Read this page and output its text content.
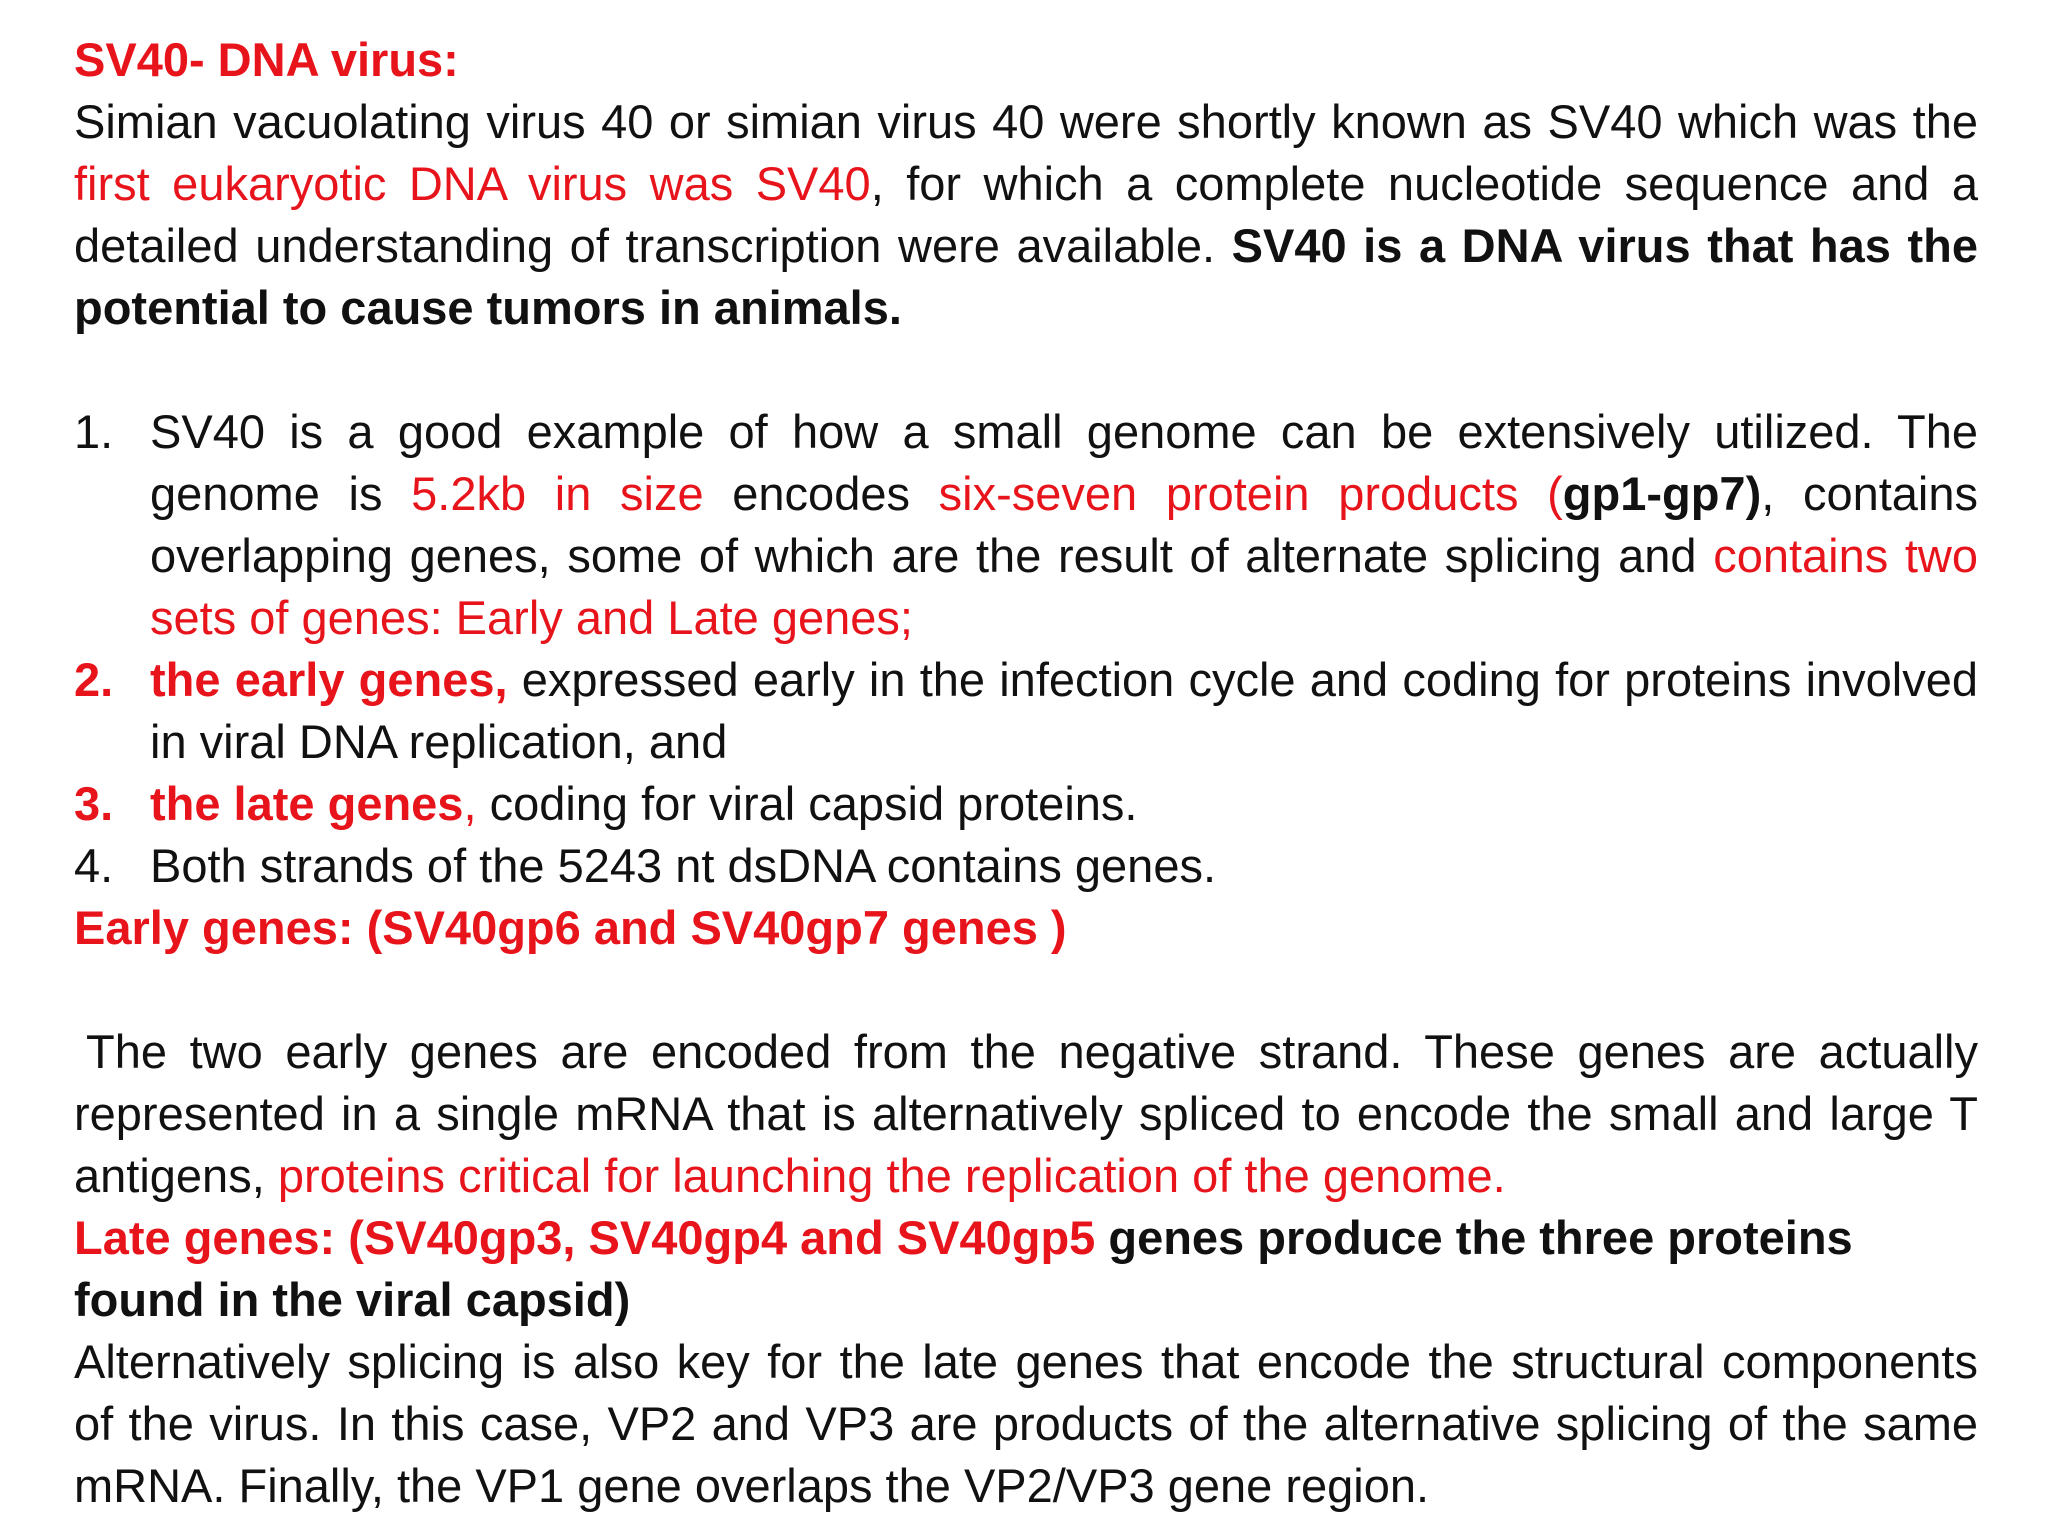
SV40- DNA virus:
Simian vacuolating virus 40 or simian virus 40 were shortly known as SV40 which was the
first eukaryotic DNA virus was SV40, for which a complete nucleotide sequence and a
detailed understanding of transcription were available. SV40 is a DNA virus that has the
potential to cause tumors in animals.
1. SV40 is a good example of how a small genome can be extensively utilized. The
genome is 5.2kb in size encodes six-seven protein products (gp1-gp7), contains
overlapping genes, some of which are the result of alternate splicing and contains two
sets of genes: Early and Late genes;
2. the early genes, expressed early in the infection cycle and coding for proteins involved
in viral DNA replication, and
3. the late genes, coding for viral capsid proteins.
4. Both strands of the 5243 nt dsDNA contains genes.
Early genes: (SV40gp6 and SV40gp7 genes )
The two early genes are encoded from the negative strand. These genes are actually
represented in a single mRNA that is alternatively spliced to encode the small and large T
antigens, proteins critical for launching the replication of the genome.
Late genes: (SV40gp3, SV40gp4 and SV40gp5 genes produce the three proteins
found in the viral capsid)
Alternatively splicing is also key for the late genes that encode the structural components
of the virus. In this case, VP2 and VP3 are products of the alternative splicing of the same
mRNA. Finally, the VP1 gene overlaps the VP2/VP3 gene region.
